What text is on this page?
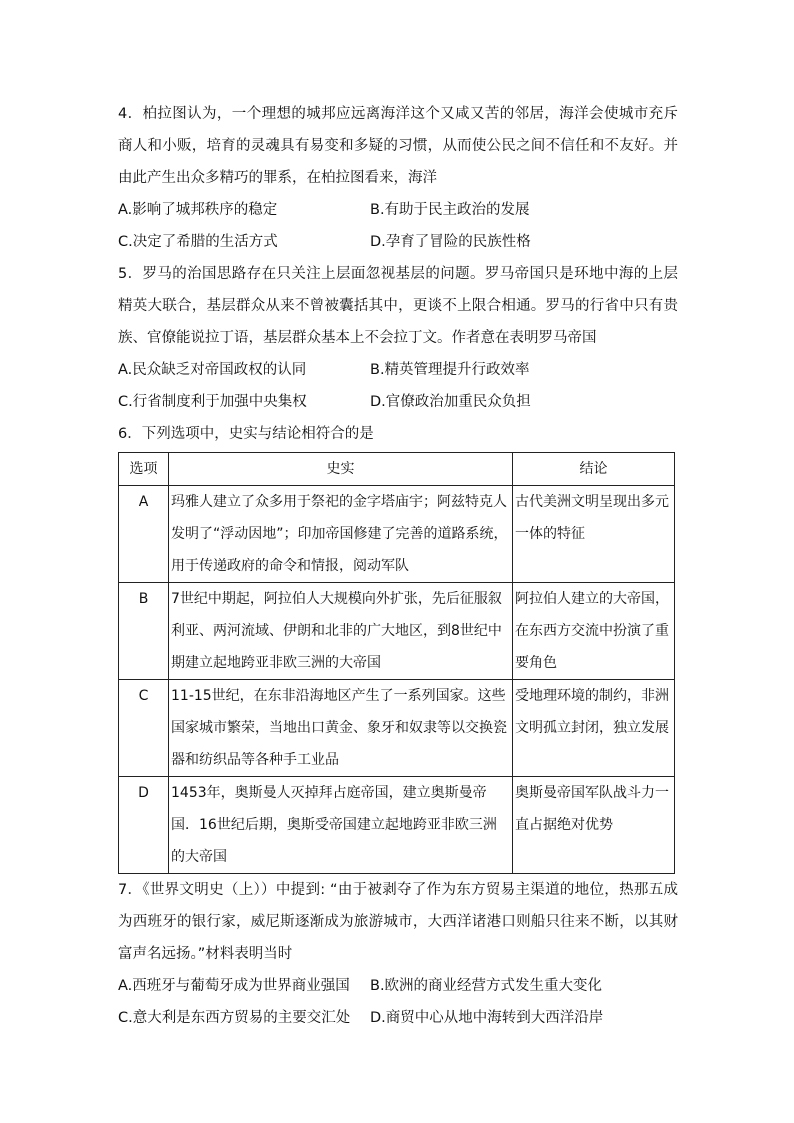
4．柏拉图认为，一个理想的城邦应远离海洋这个又咸又苦的邻居，海洋会使城市充斥商人和小贩，培育的灵魂具有易变和多疑的习惯，从而使公民之间不信任和不友好。并由此产生出众多精巧的罪系，在柏拉图看来，海洋

A.影响了城邦秩序的稳定	B.有助于民主政治的发展
C.决定了希腊的生活方式	D.孕育了冒险的民族性格

5．罗马的治国思路存在只关注上层面忽视基层的问题。罗马帝国只是环地中海的上层精英大联合，基层群众从来不曾被囊括其中，更谈不上限合相通。罗马的行省中只有贵族、官僚能说拉丁语，基层群众基本上不会拉丁文。作者意在表明罗马帝国

A.民众缺乏对帝国政权的认同	B.精英管理提升行政效率
C.行省制度利于加强中央集权	D.官僚政治加重民众负担

6．下列选项中，史实与结论相符合的是

选项	史实	结论
A	玛雅人建立了众多用于祭祀的金字塔庙宇；阿兹特克人发明了“浮动因地”；印加帝国修建了完善的道路系统，用于传递政府的命令和情报，阅动军队	古代美洲文明呈现出多元一体的特征
B	7世纪中期起，阿拉伯人大规模向外扩张，先后征服叙利亚、两河流域、伊朗和北非的广大地区，到8世纪中期建立起地跨亚非欧三洲的大帝国	阿拉伯人建立的大帝国，在东西方交流中扮演了重要角色
C	11-15世纪，在东非沿海地区产生了一系列国家。这些国家城市繁荣，当地出口黄金、象牙和奴隶等以交换瓷器和纺织品等各种手工业品	受地理环境的制约，非洲文明孤立封闭，独立发展
D	1453年，奥斯曼人灭掉拜占庭帝国，建立奥斯曼帝国．16世纪后期，奥斯受帝国建立起地跨亚非欧三洲的大帝国	奥斯曼帝国军队战斗力一直占据绝对优势

7．《世界文明史（上））中提到: “由于被剥夺了作为东方贸易主渠道的地位，热那五成为西班牙的银行家，威尼斯逐渐成为旅游城市，大西洋诸港口则船只往来不断，以其财富声名远扬。”材料表明当时

A.西班牙与葡萄牙成为世界商业强国	B.欧洲的商业经营方式发生重大变化
C.意大利是东西方贸易的主要交汇处	D.商贸中心从地中海转到大西洋沿岸
